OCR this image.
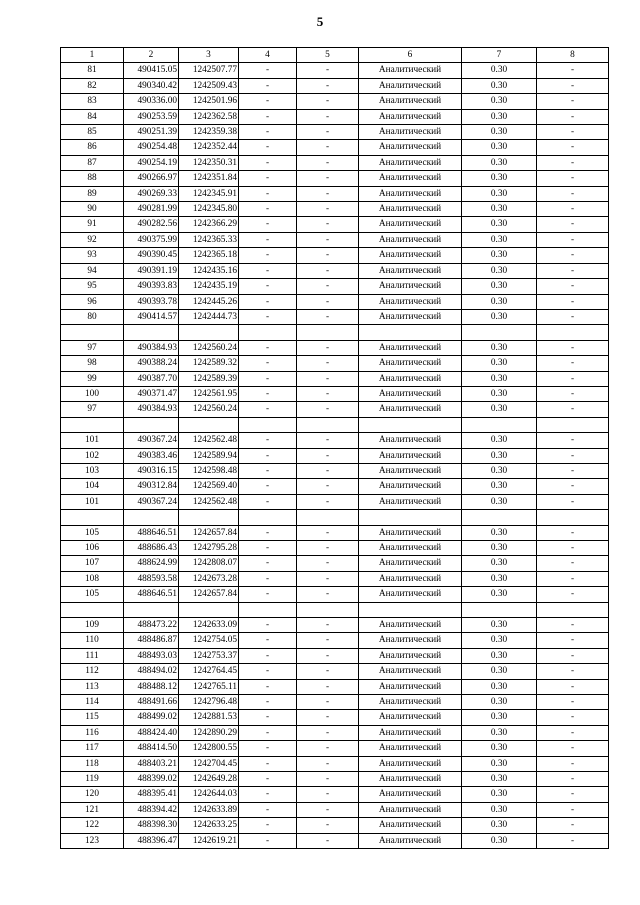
5
1	2	3	4	5	6	7	8
81	490415.05	1242507.77	-	-	Аналитический	0.30	-
82	490340.42	1242509.43	-	-	Аналитический	0.30	-
83	490336.00	1242501.96	-	-	Аналитический	0.30	-
84	490253.59	1242362.58	-	-	Аналитический	0.30	-
85	490251.39	1242359.38	-	-	Аналитический	0.30	-
86	490254.48	1242352.44	-	-	Аналитический	0.30	-
87	490254.19	1242350.31	-	-	Аналитический	0.30	-
88	490266.97	1242351.84	-	-	Аналитический	0.30	-
89	490269.33	1242345.91	-	-	Аналитический	0.30	-
90	490281.99	1242345.80	-	-	Аналитический	0.30	-
91	490282.56	1242366.29	-	-	Аналитический	0.30	-
92	490375.99	1242365.33	-	-	Аналитический	0.30	-
93	490390.45	1242365.18	-	-	Аналитический	0.30	-
94	490391.19	1242435.16	-	-	Аналитический	0.30	-
95	490393.83	1242435.19	-	-	Аналитический	0.30	-
96	490393.78	1242445.26	-	-	Аналитический	0.30	-
80	490414.57	1242444.73	-	-	Аналитический	0.30	-

97	490384.93	1242560.24	-	-	Аналитический	0.30	-
98	490388.24	1242589.32	-	-	Аналитический	0.30	-
99	490387.70	1242589.39	-	-	Аналитический	0.30	-
100	490371.47	1242561.95	-	-	Аналитический	0.30	-
97	490384.93	1242560.24	-	-	Аналитический	0.30	-

101	490367.24	1242562.48	-	-	Аналитический	0.30	-
102	490383.46	1242589.94	-	-	Аналитический	0.30	-
103	490316.15	1242598.48	-	-	Аналитический	0.30	-
104	490312.84	1242569.40	-	-	Аналитический	0.30	-
101	490367.24	1242562.48	-	-	Аналитический	0.30	-

105	488646.51	1242657.84	-	-	Аналитический	0.30	-
106	488686.43	1242795.28	-	-	Аналитический	0.30	-
107	488624.99	1242808.07	-	-	Аналитический	0.30	-
108	488593.58	1242673.28	-	-	Аналитический	0.30	-
105	488646.51	1242657.84	-	-	Аналитический	0.30	-

109	488473.22	1242633.09	-	-	Аналитический	0.30	-
110	488486.87	1242754.05	-	-	Аналитический	0.30	-
111	488493.03	1242753.37	-	-	Аналитический	0.30	-
112	488494.02	1242764.45	-	-	Аналитический	0.30	-
113	488488.12	1242765.11	-	-	Аналитический	0.30	-
114	488491.66	1242796.48	-	-	Аналитический	0.30	-
115	488499.02	1242881.53	-	-	Аналитический	0.30	-
116	488424.40	1242890.29	-	-	Аналитический	0.30	-
117	488414.50	1242800.55	-	-	Аналитический	0.30	-
118	488403.21	1242704.45	-	-	Аналитический	0.30	-
119	488399.02	1242649.28	-	-	Аналитический	0.30	-
120	488395.41	1242644.03	-	-	Аналитический	0.30	-
121	488394.42	1242633.89	-	-	Аналитический	0.30	-
122	488398.30	1242633.25	-	-	Аналитический	0.30	-
123	488396.47	1242619.21	-	-	Аналитический	0.30	-
